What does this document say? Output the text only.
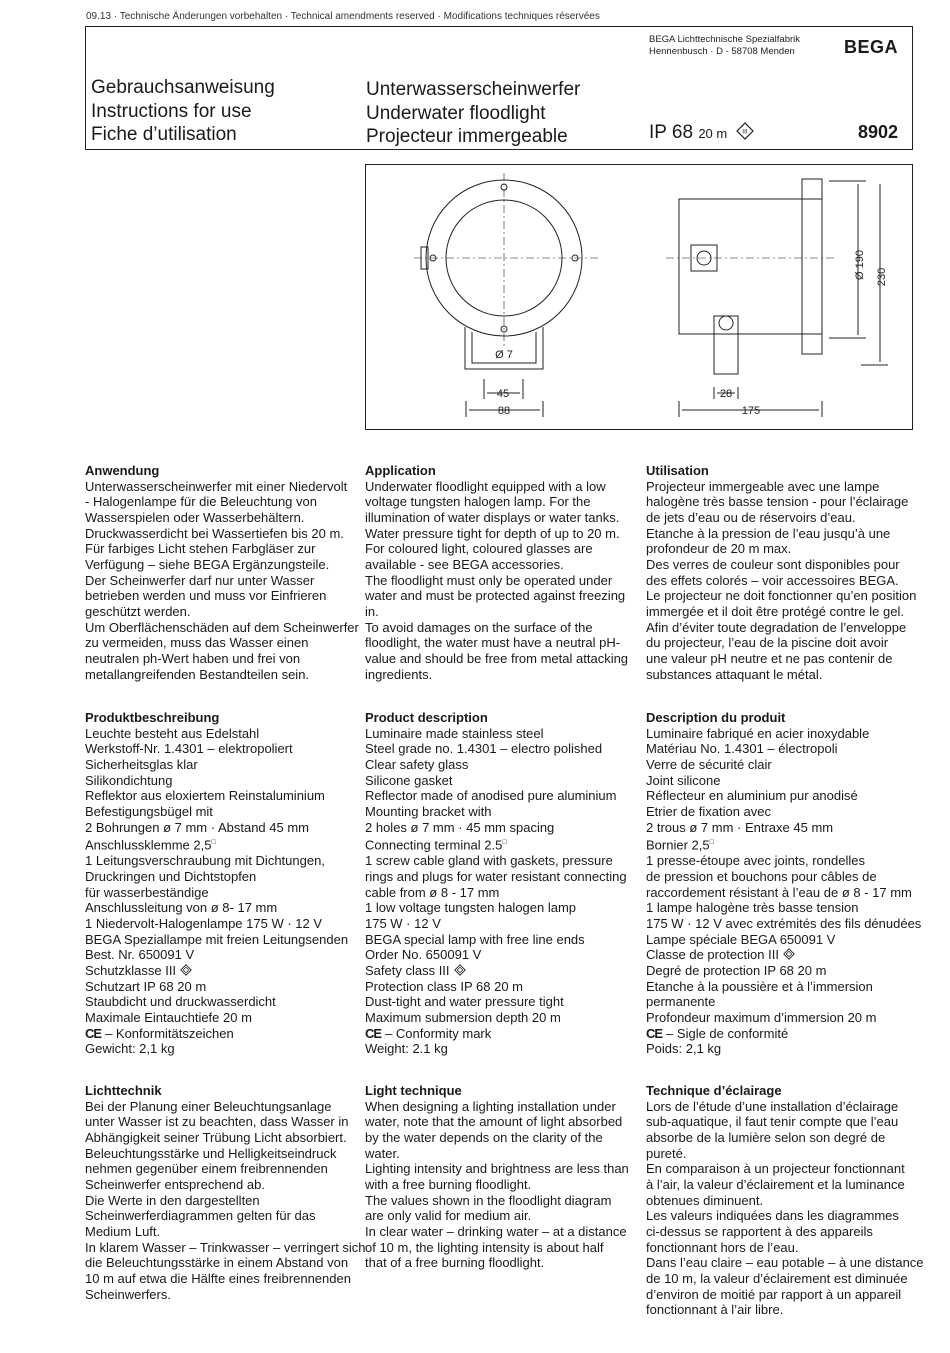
09.13 · Technische Änderungen vorbehalten · Technical amendments reserved · Modifications techniques réservées
BEGA Lichttechnische Spezialfabrik
Hennenbusch · D - 58708 Menden	BEGA
Gebrauchsanweisung
Instructions for use
Fiche d’utilisation
Unterwasserscheinwerfer
Underwater floodlight
Projecteur immergeable	IP 68 20 m III	8902
Ø 7
45
88
28
175
Ø 190 230
Anwendung

Unterwasserscheinwerfer mit einer Niedervolt

- Halogenlampe für die Beleuchtung von

Wasserspielen oder Wasserbehältern.

Druckwasserdicht bei Wassertiefen bis 20 m.

Für farbiges Licht stehen Farbgläser zur

Verfügung – siehe BEGA Ergänzungsteile.

Der Scheinwerfer darf nur unter Wasser

betrieben werden und muss vor Einfrieren

geschützt werden.

Um Oberflächenschäden auf dem Scheinwerfer

zu vermeiden, muss das Wasser einen

neutralen ph-Wert haben und frei von

metallangreifenden Bestandteilen sein.

Application

Underwater floodlight equipped with a low

voltage tungsten halogen lamp. For the

illumination of water displays or water tanks.

Water pressure tight for depth of up to 20 m.

For coloured light, coloured glasses are

available - see BEGA accessories.

The floodlight must only be operated under

water and must be protected against freezing

in.

To avoid damages on the surface of the

floodlight, the water must have a neutral pH-

value and should be free from metal attacking

ingredients.

Utilisation

Projecteur immergeable avec une lampe

halogène très basse tension - pour l’éclairage

de jets d’eau ou de réservoirs d’eau.

Etanche à la pression de l’eau jusqu’à une

profondeur de 20 m max.

Des verres de couleur sont disponibles pour

des effets colorés – voir accessoires BEGA.

Le projecteur ne doit fonctionner qu’en position

immergée et il doit être protégé contre le gel.

Afin d’éviter toute degradation de l’enveloppe

du projecteur, l’eau de la piscine doit avoir

une valeur pH neutre et ne pas contenir de

substances attaquant le métal.

Produktbeschreibung

Leuchte besteht aus Edelstahl

Werkstoff-Nr. 1.4301 – elektropoliert

Sicherheitsglas klar

Silikondichtung

Reflektor aus eloxiertem Reinstaluminium

Befestigungsbügel mit

2 Bohrungen ø 7 mm · Abstand 45 mm

Anschlussklemme 2,5□

1 Leitungsverschraubung mit Dichtungen,

Druckringen und Dichtstopfen

für wasserbeständige

Anschlussleitung von ø 8- 17 mm

1 Niedervolt-Halogenlampe 175 W · 12 V

BEGA Speziallampe mit freien Leitungsenden

Best. Nr. 650091 V

Schutzklasse III

Schutzart IP 68 20 m

Staubdicht und druckwasserdicht

Maximale Eintauchtiefe 20 m

CE – Konformitätszeichen

Gewicht: 2,1 kg

Product description

Luminaire made stainless steel

Steel grade no. 1.4301 – electro polished

Clear safety glass

Silicone gasket

Reflector made of anodised pure aluminium

Mounting bracket with

2 holes ø 7 mm · 45 mm spacing

Connecting terminal 2.5□

1 screw cable gland with gaskets, pressure

rings and plugs for water resistant connecting

cable from ø 8 - 17 mm

1 low voltage tungsten halogen lamp

175 W · 12 V

BEGA special lamp with free line ends

Order No. 650091 V

Safety class III

Protection class IP 68 20 m

Dust-tight and water pressure tight

Maximum submersion depth 20 m

CE – Conformity mark

Weight: 2.1 kg

Description du produit

Luminaire fabriqué en acier inoxydable

Matériau No. 1.4301 – électropoli

Verre de sécurité clair

Joint silicone

Réflecteur en aluminium pur anodisé

Etrier de fixation avec

2 trous ø 7 mm · Entraxe 45 mm

Bornier 2,5□

1 presse-étoupe avec joints, rondelles

de pression et bouchons pour câbles de

raccordement résistant à l’eau de ø 8 - 17 mm

1 lampe halogène très basse tension

175 W · 12 V avec extrémités des fils dénudées

Lampe spéciale BEGA 650091 V

Classe de protection III

Degré de protection IP 68 20 m

Etanche à la poussière et à l’immersion

permanente

Profondeur maximum d’immersion 20 m

CE – Sigle de conformité

Poids: 2,1 kg

Lichttechnik

Bei der Planung einer Beleuchtungsanlage

unter Wasser ist zu beachten, dass Wasser in

Abhängigkeit seiner Trübung Licht absorbiert.

Beleuchtungsstärke und Helligkeitseindruck

nehmen gegenüber einem freibrennenden

Scheinwerfer entsprechend ab.

Die Werte in den dargestellten

Scheinwerferdiagrammen gelten für das

Medium Luft.

In klarem Wasser – Trinkwasser – verringert sich

die Beleuchtungsstärke in einem Abstand von

10 m auf etwa die Hälfte eines freibrennenden

Scheinwerfers.

Light technique

When designing a lighting installation under

water, note that the amount of light absorbed

by the water depends on the clarity of the

water.

Lighting intensity and brightness are less than

with a free burning floodlight.

The values shown in the floodlight diagram

are only valid for medium air.

In clear water – drinking water – at a distance

of 10 m, the lighting intensity is about half

that of a free burning floodlight.

Technique d’éclairage

Lors de l’étude d’une installation d’éclairage

sub-aquatique, il faut tenir compte que l’eau

absorbe de la lumière selon son degré de

pureté.

En comparaison à un projecteur fonctionnant

à l’air, la valeur d’éclairement et la luminance

obtenues diminuent.

Les valeurs indiquées dans les diagrammes

ci-dessus se rapportent à des appareils

fonctionnant hors de l’eau.

Dans l’eau claire – eau potable – à une distance

de 10 m, la valeur d’éclairement est diminuée

d’environ de moitié par rapport à un appareil

fonctionnant à l’air libre.
